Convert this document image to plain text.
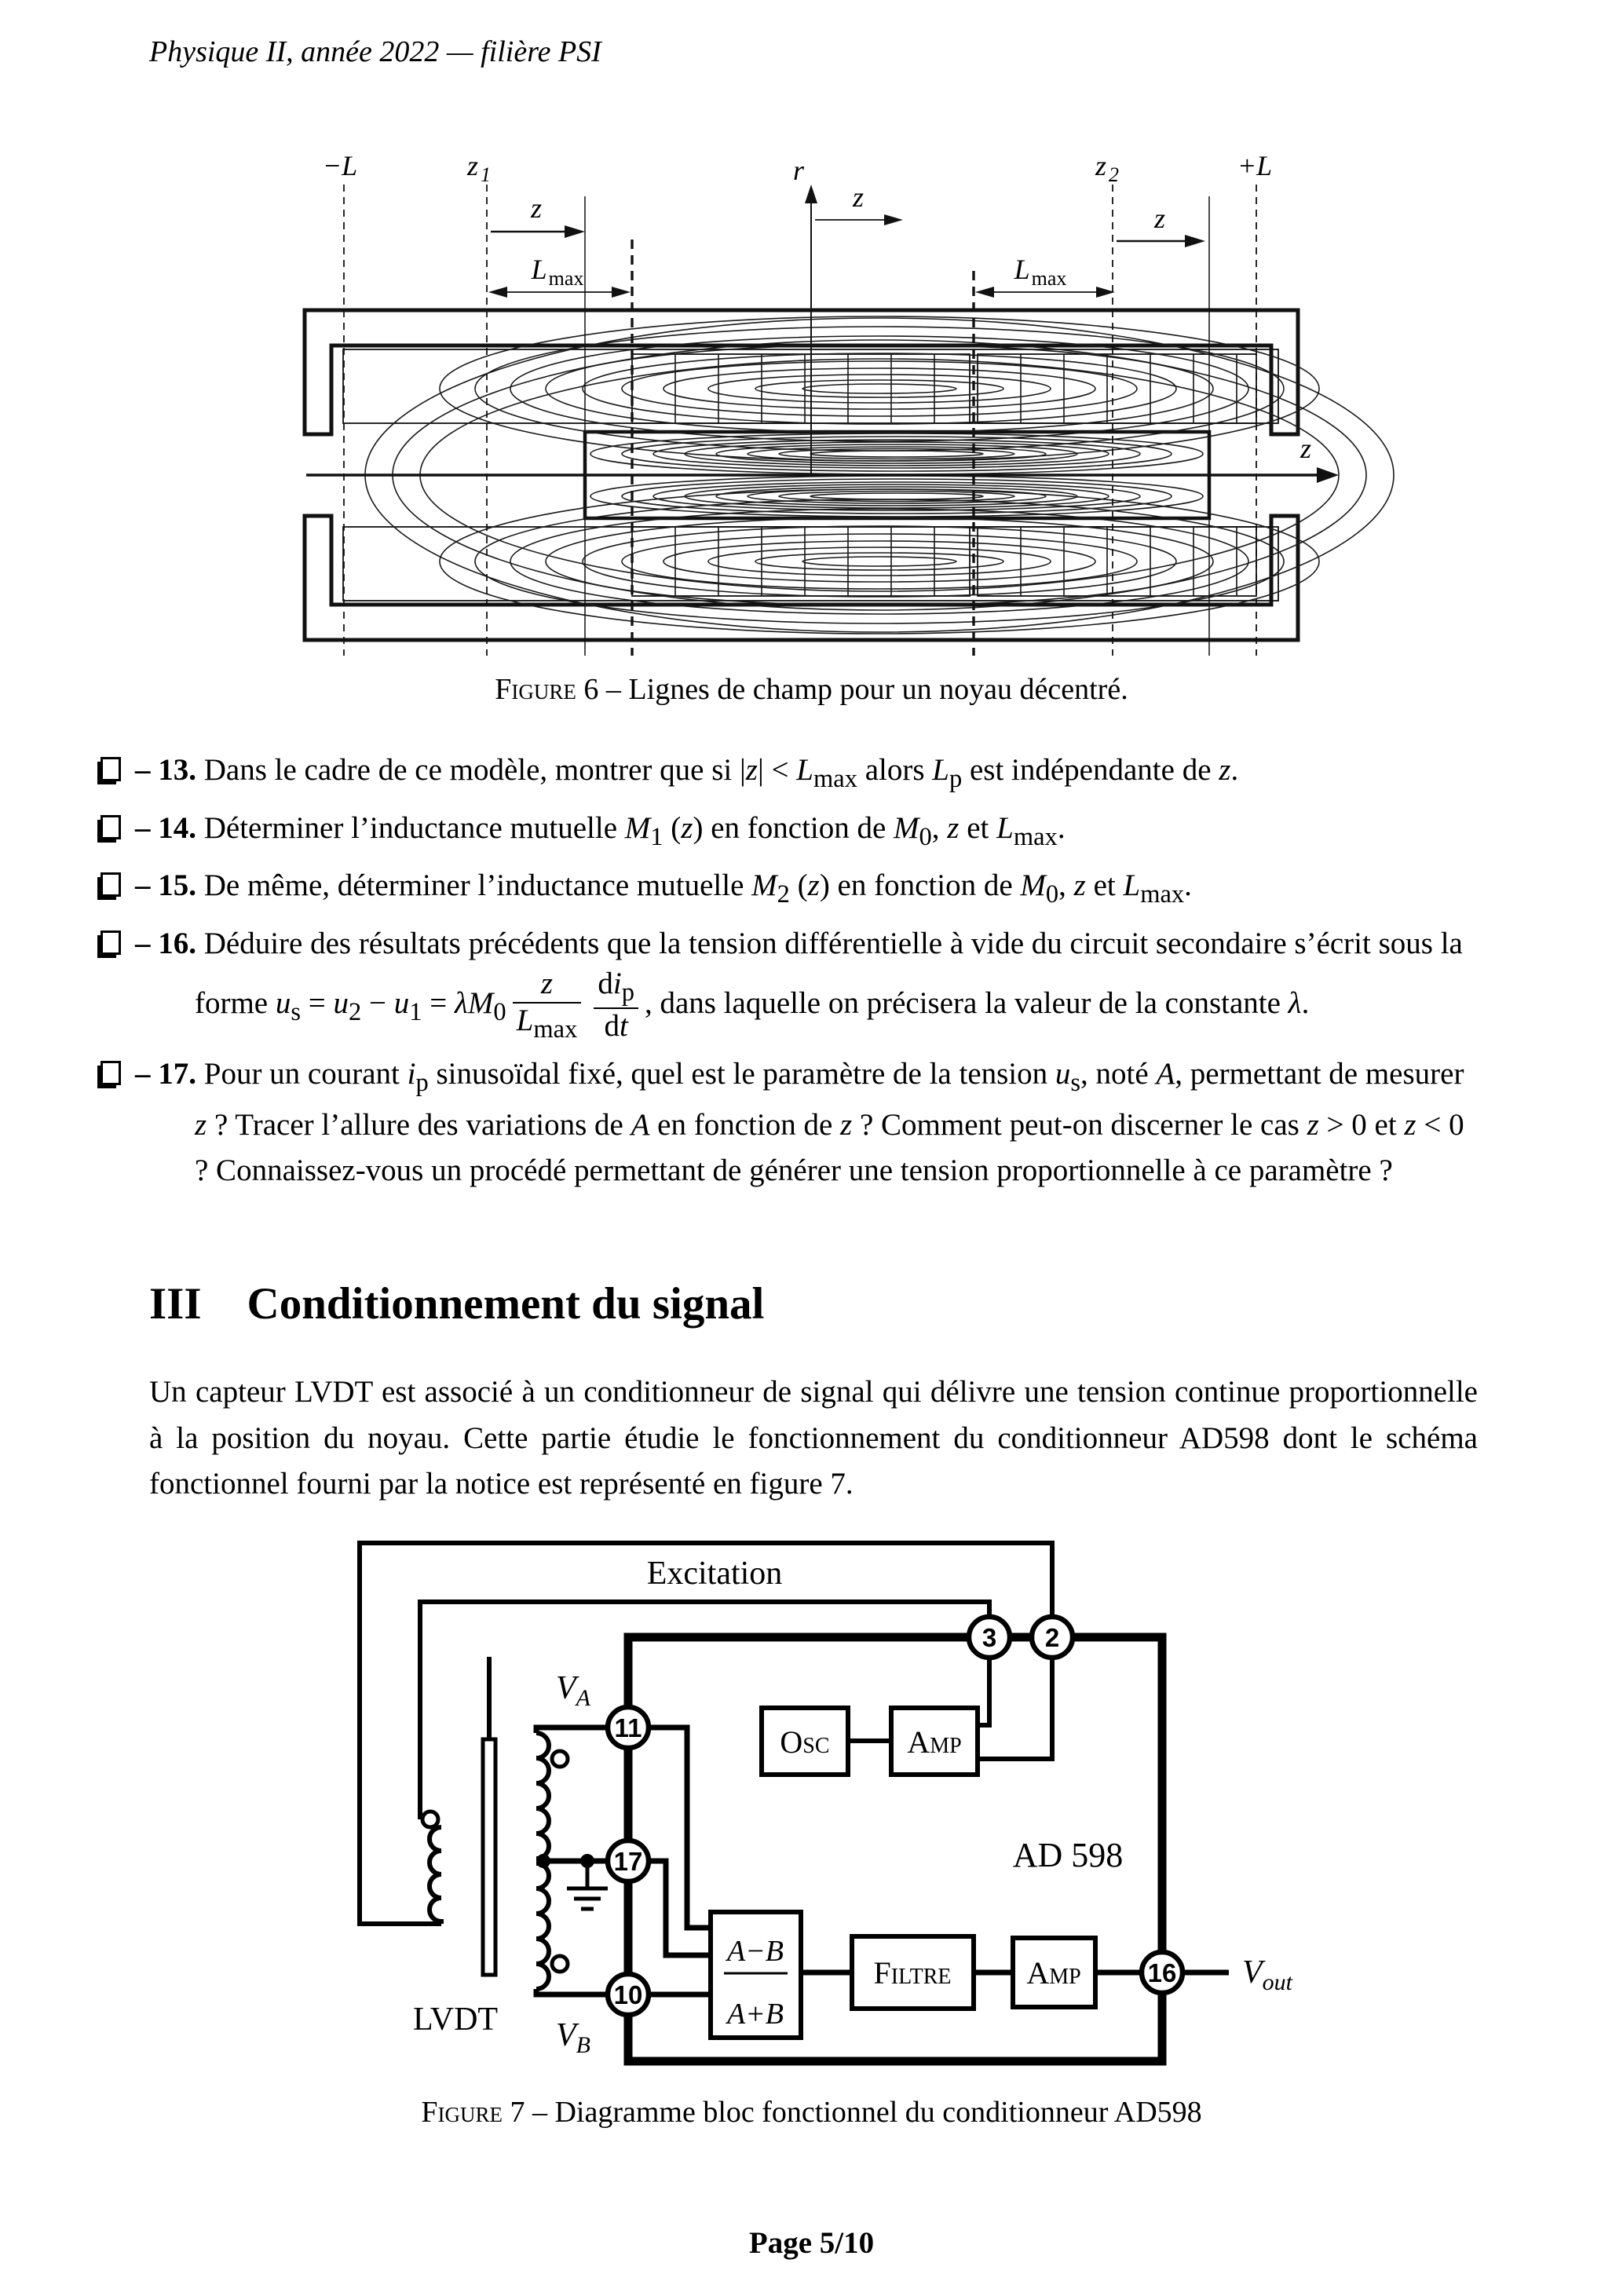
Physique II, année 2022 — filière PSI
−L	z $_1$	r	z $_2$	+L
z	z
z
$L_{max}$	$L_{max}$
z
Figure 6 – Lignes de champ pour un noyau décentré.
– 13. Dans le cadre de ce modèle, montrer que si $|z| < L_{max}$ alors $L_p$ est indépendante de z.
– 14. Déterminer l’inductance mutuelle $M_1$ (z) en fonction de $M_0$, z et $L_{max}$.
– 15. De même, déterminer l’inductance mutuelle $M_2$ (z) en fonction de $M_0$, z et $L_{max}$.
– 16. Déduire des résultats précédents que la tension différentielle à vide du circuit secondaire s’écrit sous la forme $u_s = u_2 - u_1 = \lambda M_0 \frac{z}{L_{max}} \frac{di_p}{dt}$ , dans laquelle on précisera la valeur de la constante λ.
– 17. Pour un courant $i_p$ sinusoïdal fixé, quel est le paramètre de la tension $u_s$, noté A, permettant de mesurer z ? Tracer l’allure des variations de A en fonction de z ? Comment peut-on discerner le cas z > 0 et z < 0 ? Connaissez-vous un procédé permettant de générer une tension proportionnelle à ce paramètre ?
III Conditionnement du signal
Un capteur LVDT est associé à un conditionneur de signal qui délivre une tension continue proportionnelle à la position du noyau. Cette partie étudie le fonctionnement du conditionneur AD598 dont le schéma fonctionnel fourni par la notice est représenté en figure 7.
Excitation
LVDT
AD 598
Osc Amp
A−B
A+B
Filtre Amp
3 2
11
17
10
16
$V_A$
$V_B$
$V_{out}$
Figure 7 – Diagramme bloc fonctionnel du conditionneur AD598
Page 5/10
